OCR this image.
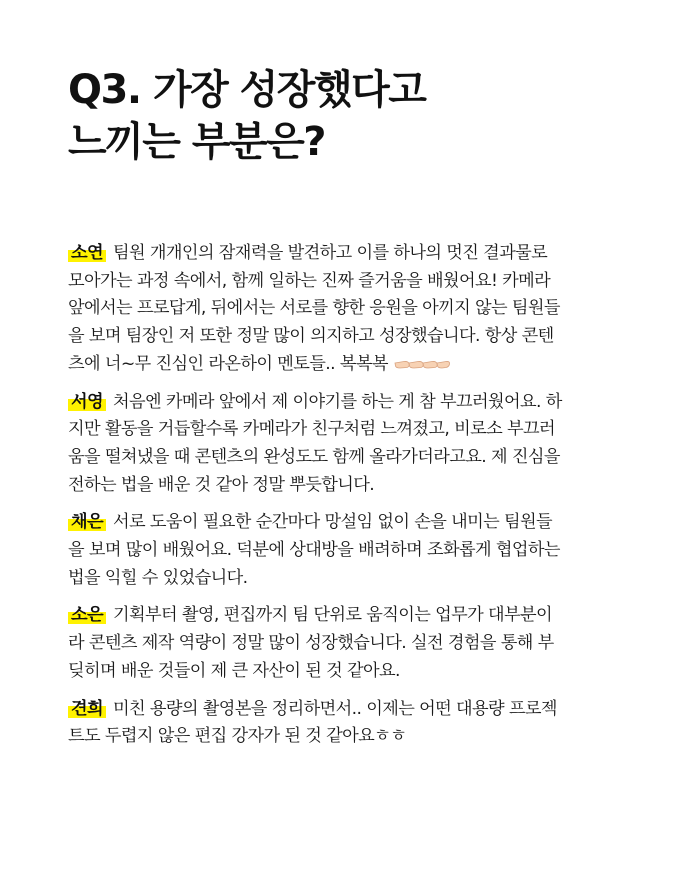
Q3. 가장 성장했다고
느끼는 부분은?

소연 팀원 개개인의 잠재력을 발견하고 이를 하나의 멋진 결과물로
모아가는 과정 속에서, 함께 일하는 진짜 즐거움을 배웠어요! 카메라
앞에서는 프로답게, 뒤에서는 서로를 향한 응원을 아끼지 않는 팀원들
을 보며 팀장인 저 또한 정말 많이 의지하고 성장했습니다. 항상 콘텐
츠에 너~무 진심인 라온하이 멘토들.. 복복복

서영 처음엔 카메라 앞에서 제 이야기를 하는 게 참 부끄러웠어요. 하
지만 활동을 거듭할수록 카메라가 친구처럼 느껴졌고, 비로소 부끄러
움을 떨쳐냈을 때 콘텐츠의 완성도도 함께 올라가더라고요. 제 진심을
전하는 법을 배운 것 같아 정말 뿌듯합니다.

채은 서로 도움이 필요한 순간마다 망설임 없이 손을 내미는 팀원들
을 보며 많이 배웠어요. 덕분에 상대방을 배려하며 조화롭게 협업하는
법을 익힐 수 있었습니다.

소은 기획부터 촬영, 편집까지 팀 단위로 움직이는 업무가 대부분이
라 콘텐츠 제작 역량이 정말 많이 성장했습니다. 실전 경험을 통해 부
딪히며 배운 것들이 제 큰 자산이 된 것 같아요.

견희 미친 용량의 촬영본을 정리하면서.. 이제는 어떤 대용량 프로젝
트도 두렵지 않은 편집 강자가 된 것 같아요ㅎㅎ
